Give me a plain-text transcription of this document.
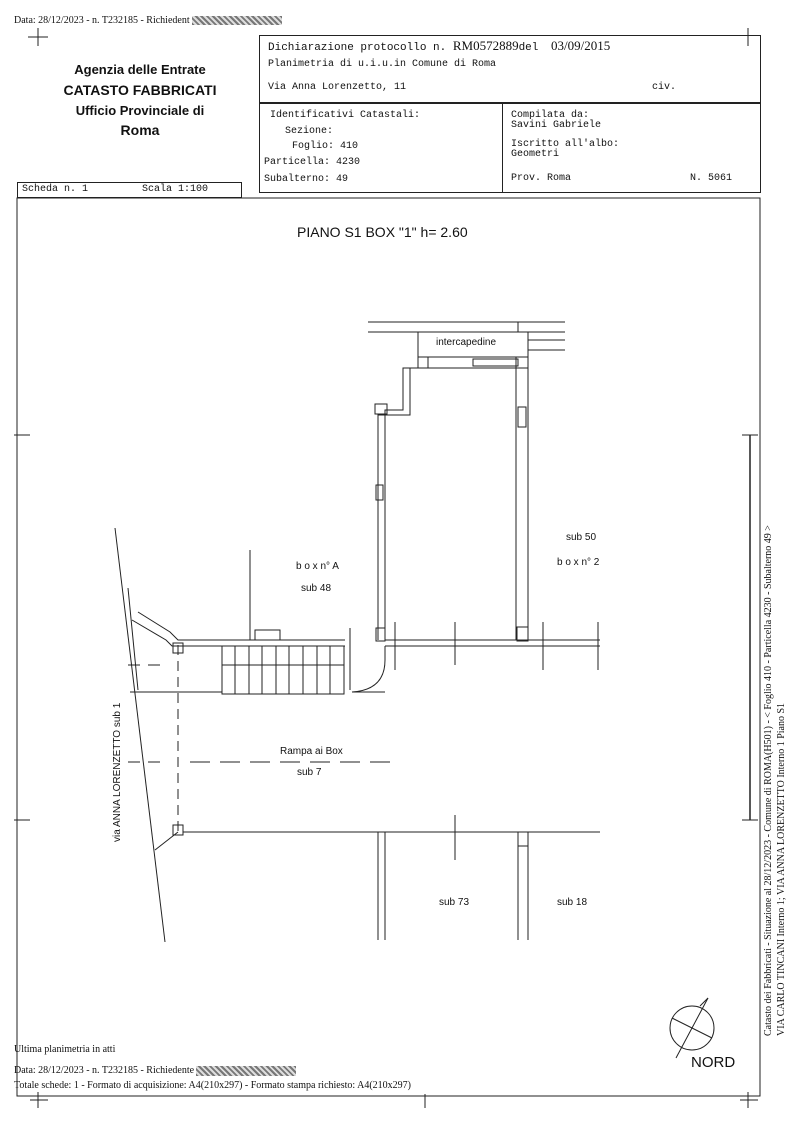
Data: 28/12/2023 - n. T232185 - Richiedent
Agenzia delle Entrate
CATASTO FABBRICATI
Ufficio Provinciale di
Roma
Dichiarazione protocollo n. RM0572889del 03/09/2015
Planimetria di u.i.u.in Comune di Roma
Via Anna Lorenzetto, 11	civ.
Identificativi Catastali:
Sezione:
Foglio: 410
Particella: 4230
Subalterno: 49
Compilata da:
Savini Gabriele
Iscritto all'albo:
Geometri
Prov. Roma	N. 5061
Scheda n. 1	Scala 1:100
PIANO S1 BOX "1" h= 2.60
intercapedine
b o x n° A
sub 48
sub 50
b o x n° 2
Rampa ai Box
sub 7
sub 73	sub 18
via ANNA LORENZETTO sub 1
NORD
Catasto dei Fabbricati - Situazione al 28/12/2023 - Comune di ROMA(H501) - < Foglio 410 - Particella 4230 - Subalterno 49 > VIA CARLO TINCANI Interno 1; VIA ANNA LORENZETTO Interno 1 Piano S1
Ultima planimetria in atti
Data: 28/12/2023 - n. T232185 - Richiedente
Totale schede: 1 - Formato di acquisizione: A4(210x297) - Formato stampa richiesto: A4(210x297)
